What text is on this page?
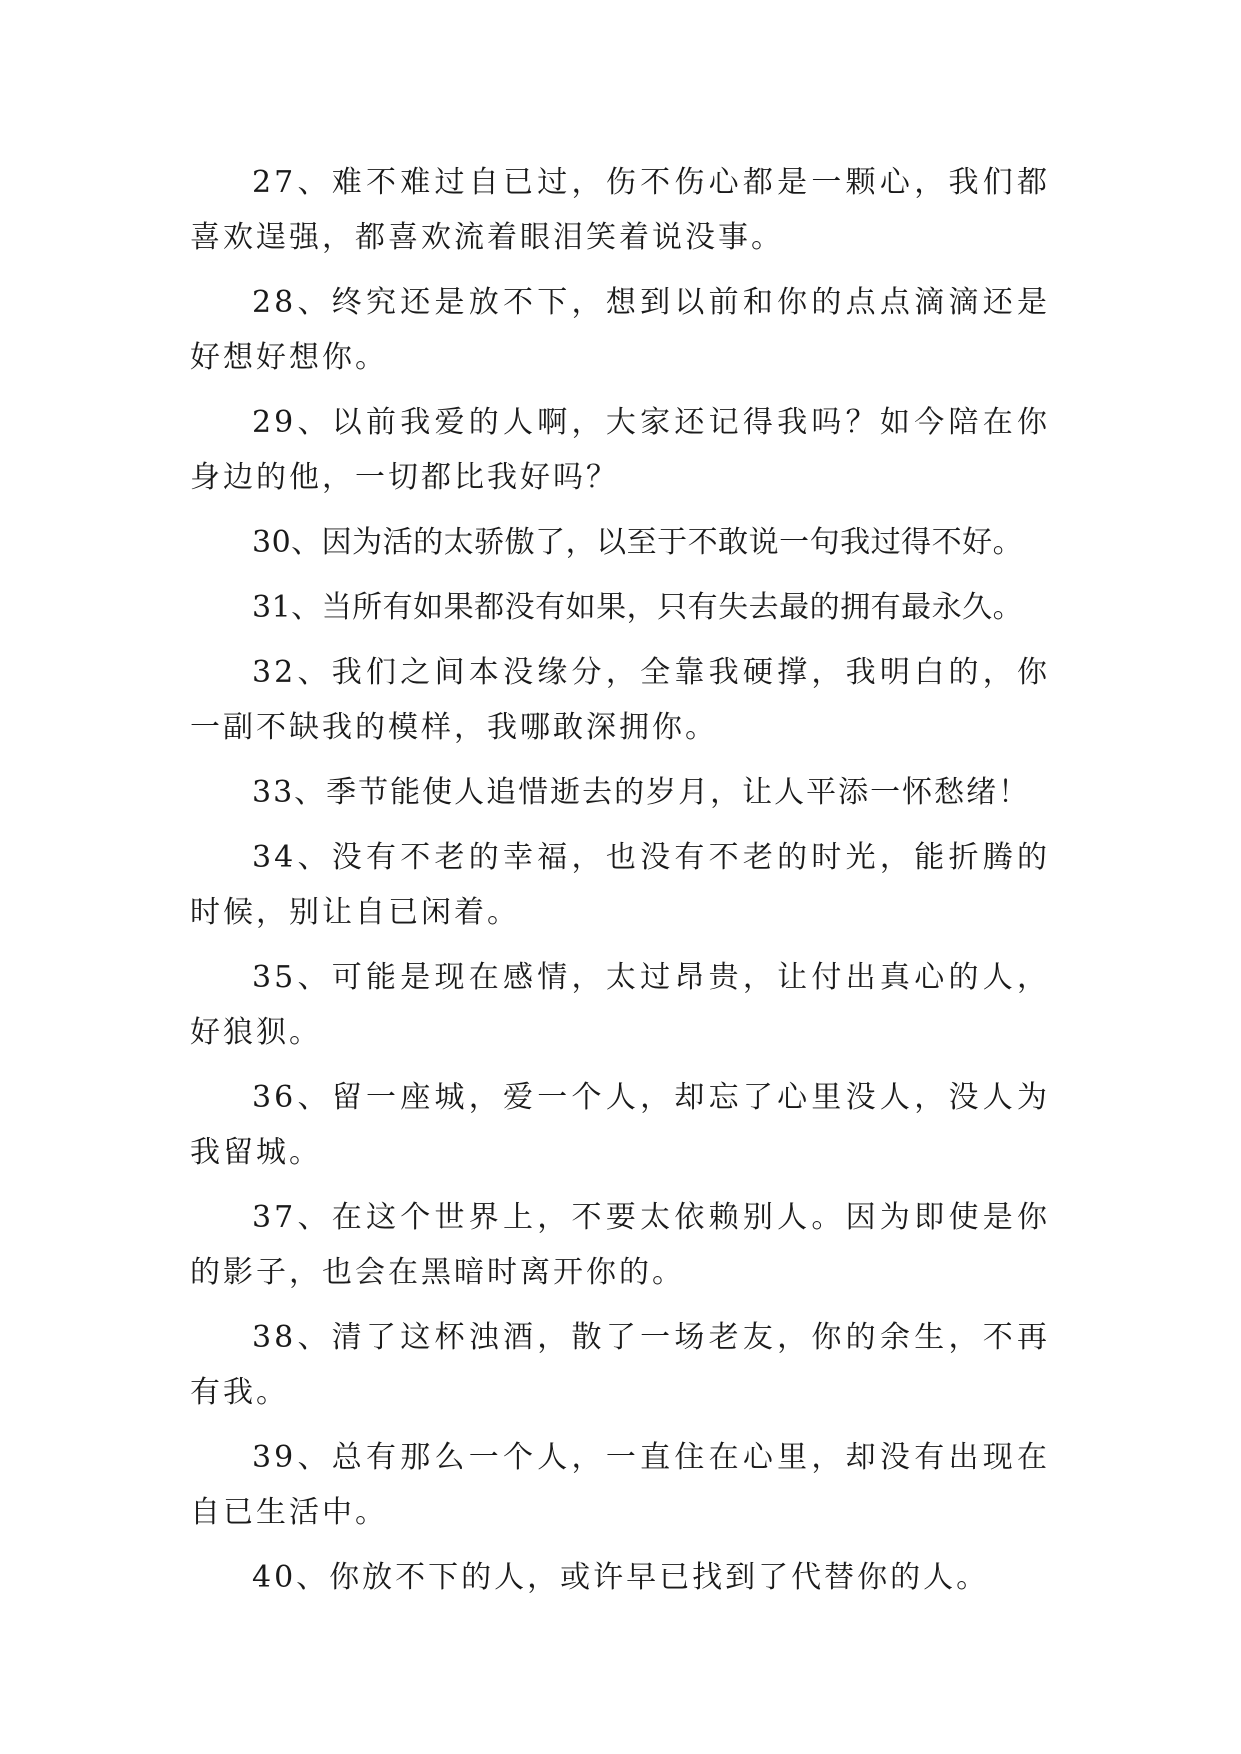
27、难不难过自已过，伤不伤心都是一颗心，我们都喜欢逞强，都喜欢流着眼泪笑着说没事。

28、终究还是放不下，想到以前和你的点点滴滴还是好想好想你。

29、以前我爱的人啊，大家还记得我吗？如今陪在你身边的他，一切都比我好吗？

30、因为活的太骄傲了，以至于不敢说一句我过得不好。

31、当所有如果都没有如果，只有失去最的拥有最永久。

32、我们之间本没缘分，全靠我硬撑，我明白的，你一副不缺我的模样，我哪敢深拥你。

33、季节能使人追惜逝去的岁月，让人平添一怀愁绪！

34、没有不老的幸福，也没有不老的时光，能折腾的时候，别让自已闲着。

35、可能是现在感情，太过昂贵，让付出真心的人，好狼狈。

36、留一座城，爱一个人，却忘了心里没人，没人为我留城。

37、在这个世界上，不要太依赖别人。因为即使是你的影子，也会在黑暗时离开你的。

38、清了这杯浊酒，散了一场老友，你的余生，不再有我。

39、总有那么一个人，一直住在心里，却没有出现在自已生活中。

40、你放不下的人，或许早已找到了代替你的人。
